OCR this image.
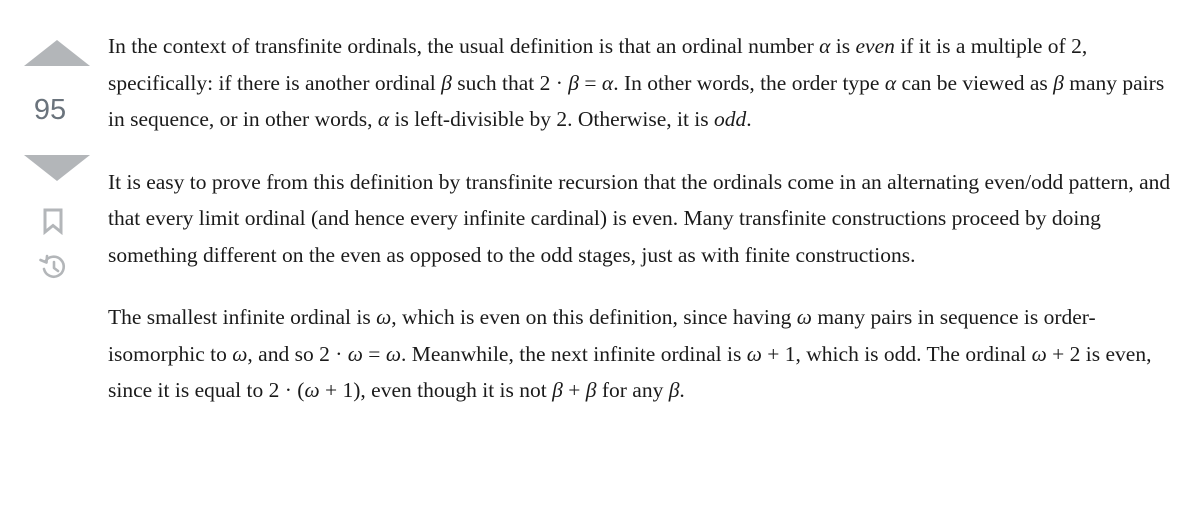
95

In the context of transfinite ordinals, the usual definition is that an ordinal number α is even if it is a multiple of 2, specifically: if there is another ordinal β such that 2 · β = α. In other words, the order type α can be viewed as β many pairs in sequence, or in other words, α is left-divisible by 2. Otherwise, it is odd.

It is easy to prove from this definition by transfinite recursion that the ordinals come in an alternating even/odd pattern, and that every limit ordinal (and hence every infinite cardinal) is even. Many transfinite constructions proceed by doing something different on the even as opposed to the odd stages, just as with finite constructions.

The smallest infinite ordinal is ω, which is even on this definition, since having ω many pairs in sequence is order-isomorphic to ω, and so 2 · ω = ω. Meanwhile, the next infinite ordinal is ω + 1, which is odd. The ordinal ω + 2 is even, since it is equal to 2 · (ω + 1), even though it is not β + β for any β.
